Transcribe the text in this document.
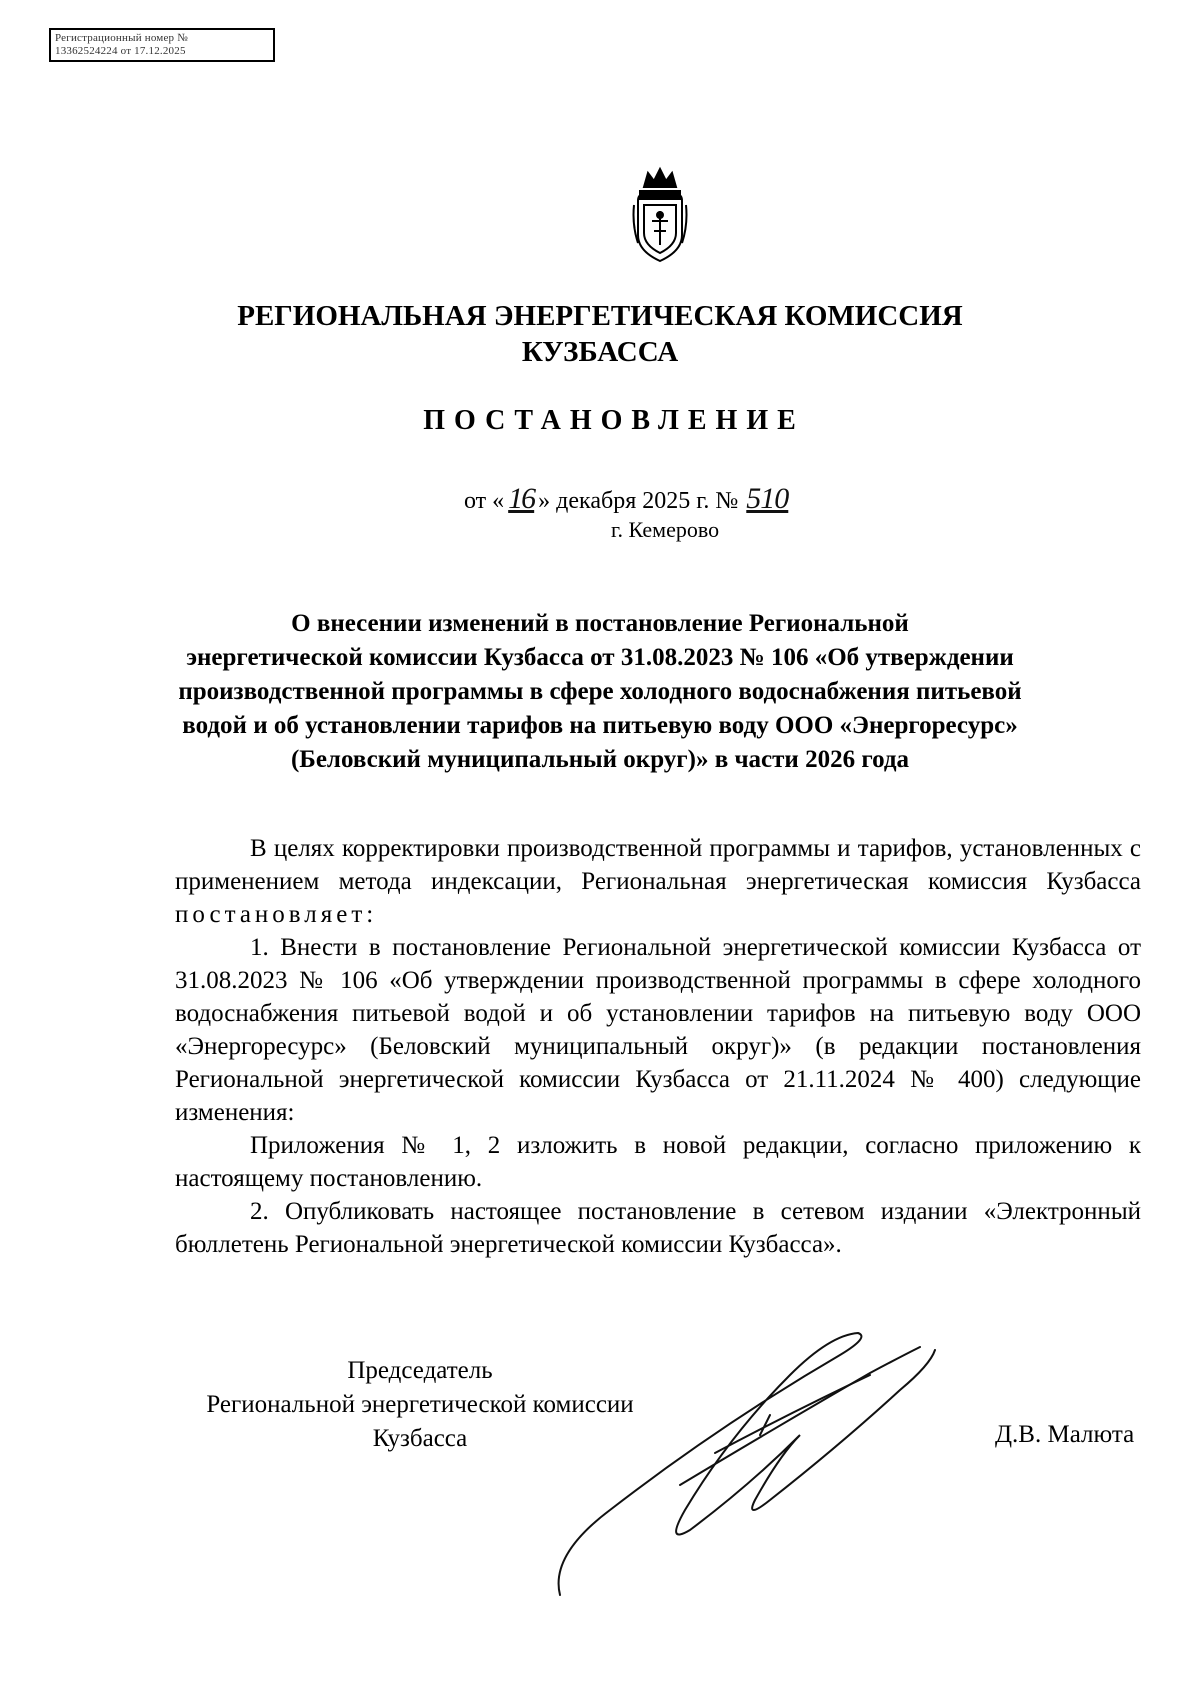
Регистрационный номер №
13362524224 от 17.12.2025
РЕГИОНАЛЬНАЯ ЭНЕРГЕТИЧЕСКАЯ КОМИССИЯ
КУЗБАССА
ПОСТАНОВЛЕНИЕ
от « 16 » декабря 2025 г. № 510
г. Кемерово
О внесении изменений в постановление Региональной
энергетической комиссии Кузбасса от 31.08.2023 № 106 «Об утверждении
производственной программы в сфере холодного водоснабжения питьевой
водой и об установлении тарифов на питьевую воду ООО «Энергоресурс»
(Беловский муниципальный округ)» в части 2026 года

В целях корректировки производственной программы и тарифов, установленных с применением метода индексации, Региональная энергетическая комиссия Кузбасса постановляет:

1. Внести в постановление Региональной энергетической комиссии Кузбасса от 31.08.2023 № 106 «Об утверждении производственной программы в сфере холодного водоснабжения питьевой водой и об установлении тарифов на питьевую воду ООО «Энергоресурс» (Беловский муниципальный округ)» (в редакции постановления Региональной энергетической комиссии Кузбасса от 21.11.2024 № 400) следующие изменения:

Приложения № 1, 2 изложить в новой редакции, согласно приложению к настоящему постановлению.

2. Опубликовать настоящее постановление в сетевом издании «Электронный бюллетень Региональной энергетической комиссии Кузбасса».

Председатель
Региональной энергетической комиссии
Кузбасса	Д.В. Малюта
